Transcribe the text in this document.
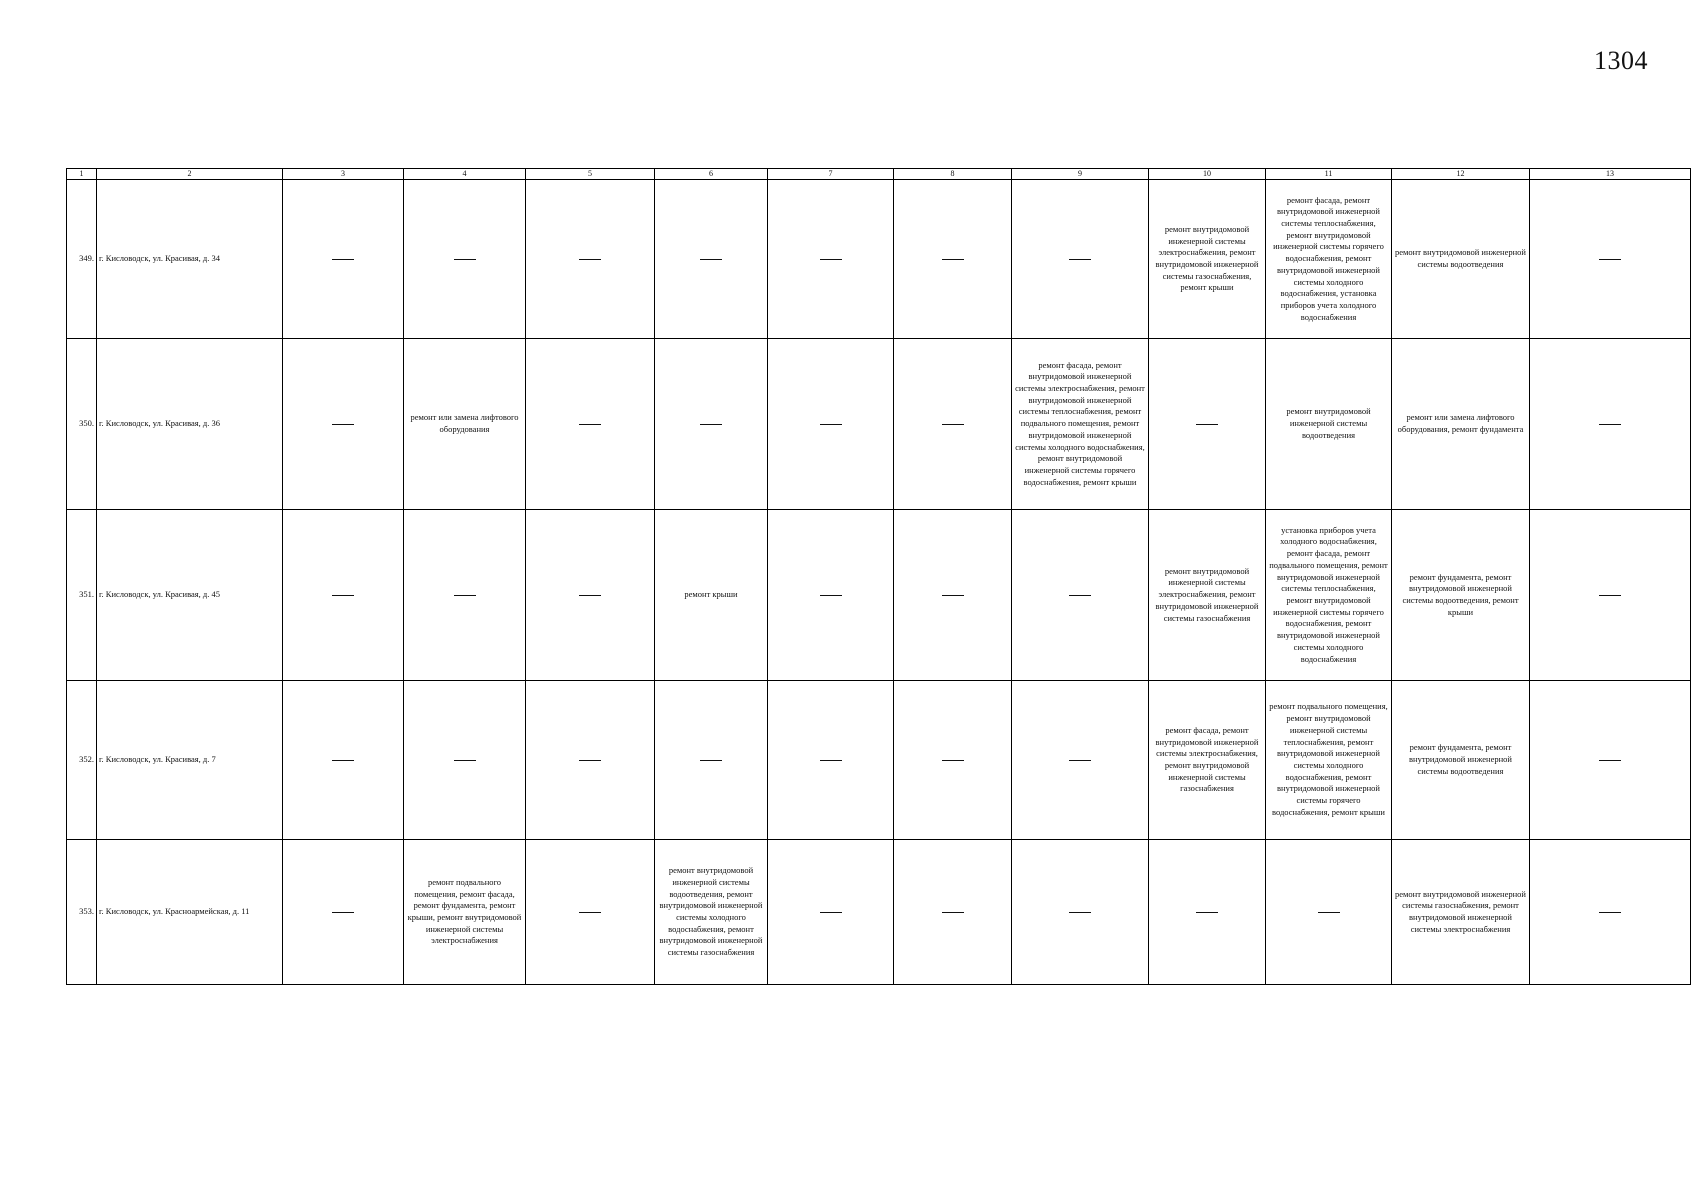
1304
1	2	3	4	5	6	7	8	9	10	11	12	13
349.	г. Кисловодск, ул. Красивая, д. 34								ремонт внутридомовой инженерной системы электроснабжения, ремонт внутридомовой инженерной системы газоснабжения, ремонт крыши	ремонт фасада, ремонт внутридомовой инженерной системы теплоснабжения, ремонт внутридомовой инженерной системы горячего водоснабжения, ремонт внутридомовой инженерной системы холодного водоснабжения, установка приборов учета холодного водоснабжения	ремонт внутридомовой инженерной системы водоотведения	
350.	г. Кисловодск, ул. Красивая, д. 36		ремонт или замена лифтового оборудования					ремонт фасада, ремонт внутридомовой инженерной системы электроснабжения, ремонт внутридомовой инженерной системы теплоснабжения, ремонт подвального помещения, ремонт внутридомовой инженерной системы холодного водоснабжения, ремонт внутридомовой инженерной системы горячего водоснабжения, ремонт крыши		ремонт внутридомовой инженерной системы водоотведения	ремонт или замена лифтового оборудования, ремонт фундамента	
351.	г. Кисловодск, ул. Красивая, д. 45				ремонт крыши				ремонт внутридомовой инженерной системы электроснабжения, ремонт внутридомовой инженерной системы газоснабжения	установка приборов учета холодного водоснабжения, ремонт фасада, ремонт подвального помещения, ремонт внутридомовой инженерной системы теплоснабжения, ремонт внутридомовой инженерной системы горячего водоснабжения, ремонт внутридомовой инженерной системы холодного водоснабжения	ремонт фундамента, ремонт внутридомовой инженерной системы водоотведения, ремонт крыши	
352.	г. Кисловодск, ул. Красивая, д. 7								ремонт фасада, ремонт внутридомовой инженерной системы электроснабжения, ремонт внутридомовой инженерной системы газоснабжения	ремонт подвального помещения, ремонт внутридомовой инженерной системы теплоснабжения, ремонт внутридомовой инженерной системы холодного водоснабжения, ремонт внутридомовой инженерной системы горячего водоснабжения, ремонт крыши	ремонт фундамента, ремонт внутридомовой инженерной системы водоотведения	
353.	г. Кисловодск, ул. Красноармейская, д. 11		ремонт подвального помещения, ремонт фасада, ремонт фундамента, ремонт крыши, ремонт внутридомовой инженерной системы электроснабжения		ремонт внутридомовой инженерной системы водоотведения, ремонт внутридомовой инженерной системы холодного водоснабжения, ремонт внутридомовой инженерной системы газоснабжения						ремонт внутридомовой инженерной системы газоснабжения, ремонт внутридомовой инженерной системы электроснабжения	
